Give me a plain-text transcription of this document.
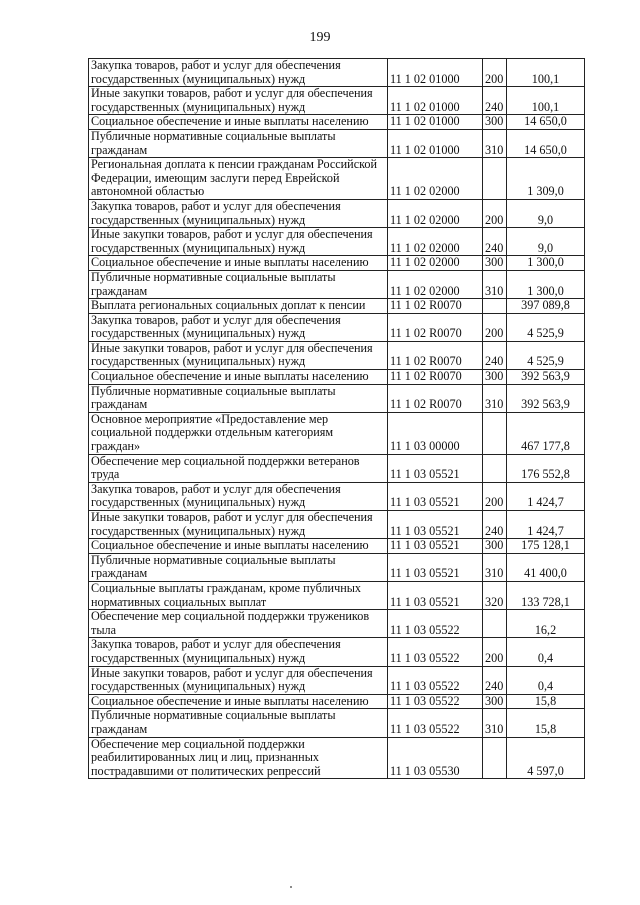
199
Закупка товаров, работ и услуг для обеспечения государственных (муниципальных) нужд	11 1 02 01000	200	100,1
Иные закупки товаров, работ и услуг для обеспечения государственных (муниципальных) нужд	11 1 02 01000	240	100,1
Социальное обеспечение и иные выплаты населению	11 1 02 01000	300	14 650,0
Публичные нормативные социальные выплаты гражданам	11 1 02 01000	310	14 650,0
Региональная доплата к пенсии гражданам Российской Федерации, имеющим заслуги перед Еврейской автономной областью	11 1 02 02000		1 309,0
Закупка товаров, работ и услуг для обеспечения государственных (муниципальных) нужд	11 1 02 02000	200	9,0
Иные закупки товаров, работ и услуг для обеспечения государственных (муниципальных) нужд	11 1 02 02000	240	9,0
Социальное обеспечение и иные выплаты населению	11 1 02 02000	300	1 300,0
Публичные нормативные социальные выплаты гражданам	11 1 02 02000	310	1 300,0
Выплата региональных социальных доплат к пенсии	11 1 02 R0070		397 089,8
Закупка товаров, работ и услуг для обеспечения государственных (муниципальных) нужд	11 1 02 R0070	200	4 525,9
Иные закупки товаров, работ и услуг для обеспечения государственных (муниципальных) нужд	11 1 02 R0070	240	4 525,9
Социальное обеспечение и иные выплаты населению	11 1 02 R0070	300	392 563,9
Публичные нормативные социальные выплаты гражданам	11 1 02 R0070	310	392 563,9
Основное мероприятие «Предоставление мер социальной поддержки отдельным категориям граждан»	11 1 03 00000		467 177,8
Обеспечение мер социальной поддержки ветеранов труда	11 1 03 05521		176 552,8
Закупка товаров, работ и услуг для обеспечения государственных (муниципальных) нужд	11 1 03 05521	200	1 424,7
Иные закупки товаров, работ и услуг для обеспечения государственных (муниципальных) нужд	11 1 03 05521	240	1 424,7
Социальное обеспечение и иные выплаты населению	11 1 03 05521	300	175 128,1
Публичные нормативные социальные выплаты гражданам	11 1 03 05521	310	41 400,0
Социальные выплаты гражданам, кроме публичных нормативных социальных выплат	11 1 03 05521	320	133 728,1
Обеспечение мер социальной поддержки тружеников тыла	11 1 03 05522		16,2
Закупка товаров, работ и услуг для обеспечения государственных (муниципальных) нужд	11 1 03 05522	200	0,4
Иные закупки товаров, работ и услуг для обеспечения государственных (муниципальных) нужд	11 1 03 05522	240	0,4
Социальное обеспечение и иные выплаты населению	11 1 03 05522	300	15,8
Публичные нормативные социальные выплаты гражданам	11 1 03 05522	310	15,8
Обеспечение мер социальной поддержки реабилитированных лиц и лиц, признанных пострадавшими от политических репрессий	11 1 03 05530		4 597,0
